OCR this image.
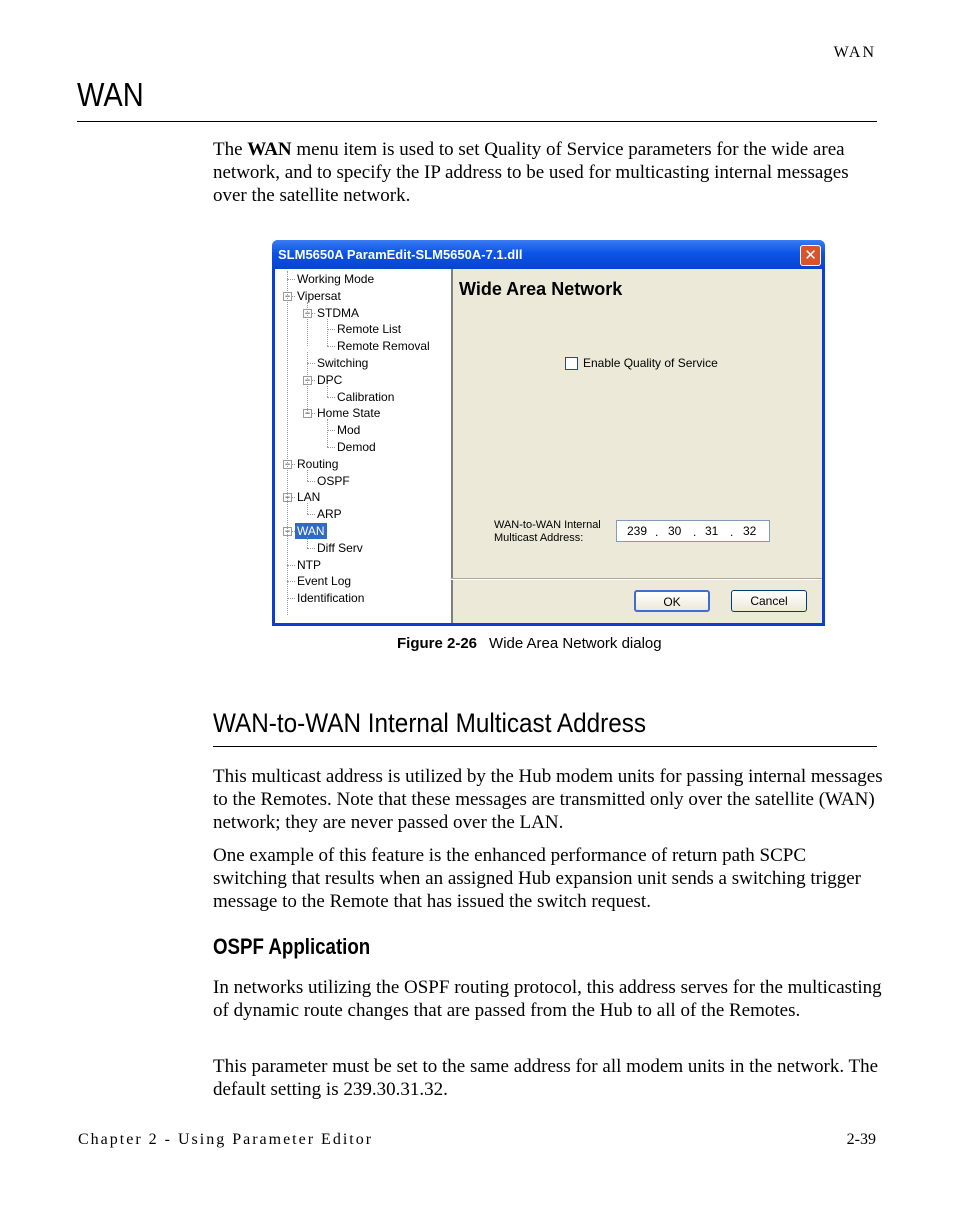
WAN
WAN

The WAN menu item is used to set Quality of Service parameters for the wide area network, and to specify the IP address to be used for multicasting internal messages over the satellite network.

SLM5650A ParamEdit-SLM5650A-7.1.dll	✕
Working Mode
− Vipersat
− STDMA
Remote List
Remote Removal
Switching
− DPC
Calibration
− Home State
Mod
Demod
− Routing
OSPF
− LAN
ARP
− WAN
Diff Serv
NTP
Event Log
Identification
Wide Area Network
Enable Quality of Service
WAN-to-WAN Internal
Multicast Address:	239 . 30 . 31 . 32
OK	Cancel
Figure 2-26 Wide Area Network dialog
WAN-to-WAN Internal Multicast Address

This multicast address is utilized by the Hub modem units for passing internal messages to the Remotes. Note that these messages are transmitted only over the satellite (WAN) network; they are never passed over the LAN.

One example of this feature is the enhanced performance of return path SCPC switching that results when an assigned Hub expansion unit sends a switching trigger message to the Remote that has issued the switch request.

OSPF Application

In networks utilizing the OSPF routing protocol, this address serves for the multicasting of dynamic route changes that are passed from the Hub to all of the Remotes.

This parameter must be set to the same address for all modem units in the network. The default setting is 239.30.31.32.

Chapter 2 - Using Parameter Editor	2-39
